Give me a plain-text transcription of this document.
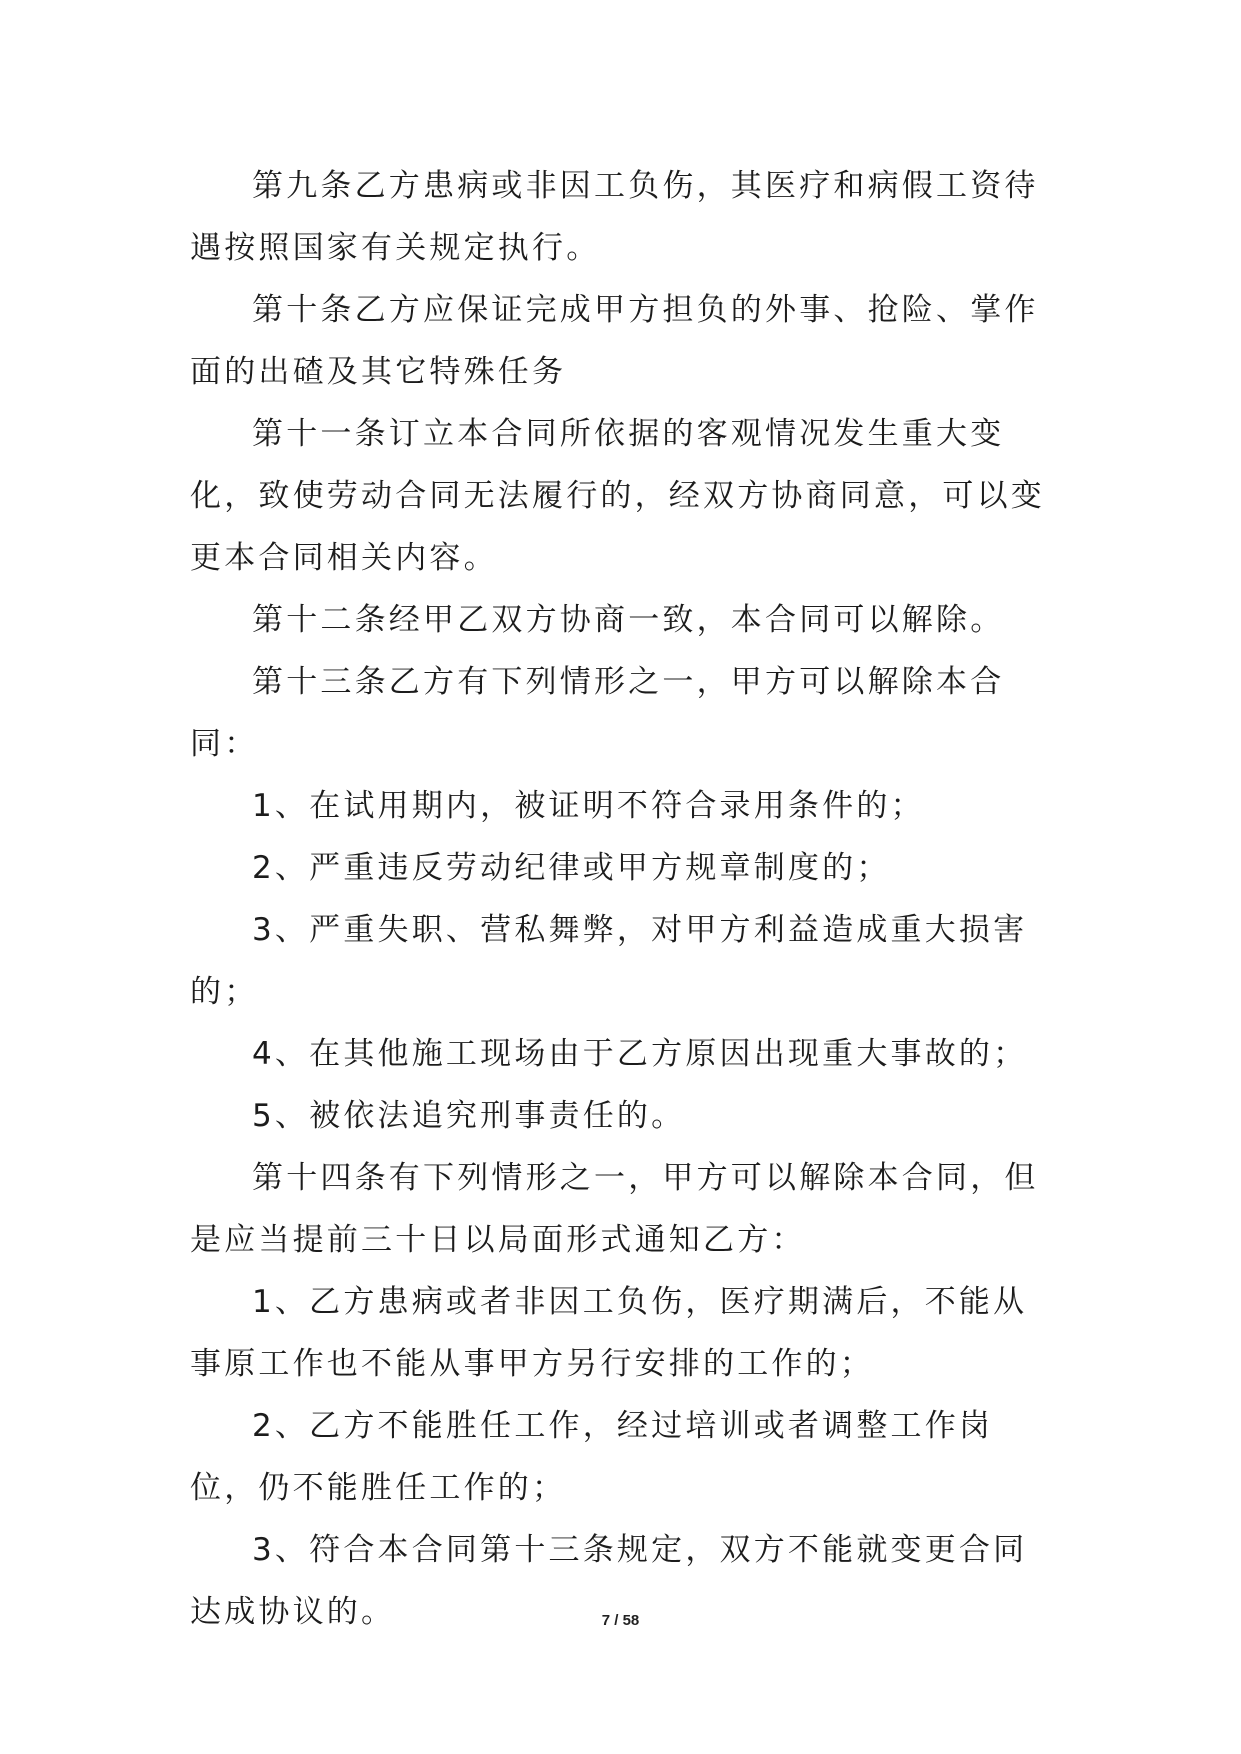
第九条乙方患病或非因工负伤，其医疗和病假工资待遇按照国家有关规定执行。

第十条乙方应保证完成甲方担负的外事、抢险、掌作面的出碴及其它特殊任务

第十一条订立本合同所依据的客观情况发生重大变化，致使劳动合同无法履行的，经双方协商同意，可以变更本合同相关内容。

第十二条经甲乙双方协商一致，本合同可以解除。

第十三条乙方有下列情形之一，甲方可以解除本合同：

1、在试用期内，被证明不符合录用条件的；

2、严重违反劳动纪律或甲方规章制度的；

3、严重失职、营私舞弊，对甲方利益造成重大损害的；

4、在其他施工现场由于乙方原因出现重大事故的；

5、被依法追究刑事责任的。

第十四条有下列情形之一，甲方可以解除本合同，但是应当提前三十日以局面形式通知乙方：

1、乙方患病或者非因工负伤，医疗期满后，不能从事原工作也不能从事甲方另行安排的工作的；

2、乙方不能胜任工作，经过培训或者调整工作岗位，仍不能胜任工作的；

3、符合本合同第十三条规定，双方不能就变更合同达成协议的。	7 / 58
